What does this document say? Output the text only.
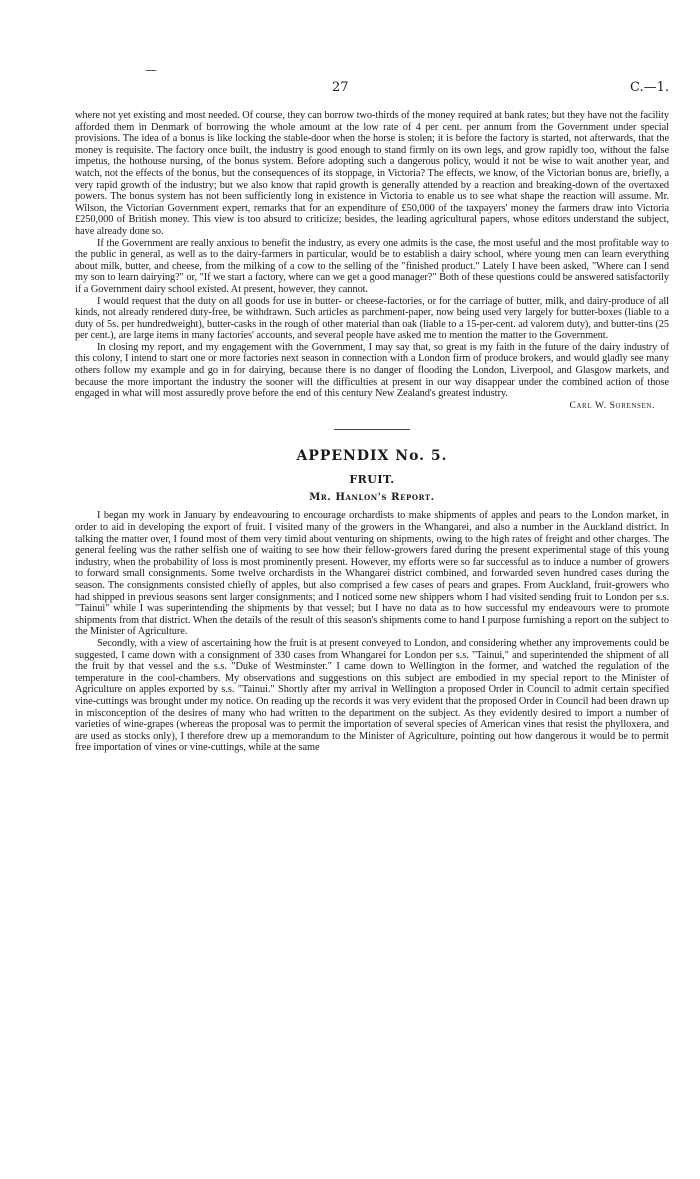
—
27	C.—1.

where not yet existing and most needed. Of course, they can borrow two-thirds of the money required at bank rates; but they have not the facility afforded them in Denmark of borrowing the whole amount at the low rate of 4 per cent. per annum from the Government under special provisions. The idea of a bonus is like locking the stable-door when the horse is stolen; it is before the factory is started, not afterwards, that the money is requisite. The factory once built, the industry is good enough to stand firmly on its own legs, and grow rapidly too, without the false impetus, the hothouse nursing, of the bonus system. Before adopting such a dangerous policy, would it not be wise to wait another year, and watch, not the effects of the bonus, but the consequences of its stoppage, in Victoria? The effects, we know, of the Victorian bonus are, briefly, a very rapid growth of the industry; but we also know that rapid growth is generally attended by a reaction and breaking-down of the overtaxed powers. The bonus system has not been sufficiently long in existence in Victoria to enable us to see what shape the reaction will assume. Mr. Wilson, the Victorian Government expert, remarks that for an expenditure of £50,000 of the taxpayers' money the farmers draw into Victoria £250,000 of British money. This view is too absurd to criticize; besides, the leading agricultural papers, whose editors understand the subject, have already done so.

If the Government are really anxious to benefit the industry, as every one admits is the case, the most useful and the most profitable way to the public in general, as well as to the dairy-farmers in particular, would be to establish a dairy school, where young men can learn everything about milk, butter, and cheese, from the milking of a cow to the selling of the "finished product." Lately I have been asked, "Where can I send my son to learn dairying?" or, "If we start a factory, where can we get a good manager?" Both of these questions could be answered satisfactorily if a Government dairy school existed. At present, however, they cannot.

I would request that the duty on all goods for use in butter- or cheese-factories, or for the carriage of butter, milk, and dairy-produce of all kinds, not already rendered duty-free, be withdrawn. Such articles as parchment-paper, now being used very largely for butter-boxes (liable to a duty of 5s. per hundredweight), butter-casks in the rough of other material than oak (liable to a 15-per-cent. ad valorem duty), and butter-tins (25 per cent.), are large items in many factories' accounts, and several people have asked me to mention the matter to the Government.

In closing my report, and my engagement with the Government, I may say that, so great is my faith in the future of the dairy industry of this colony, I intend to start one or more factories next season in connection with a London firm of produce brokers, and would gladly see many others follow my example and go in for dairying, because there is no danger of flooding the London, Liverpool, and Glasgow markets, and because the more important the industry the sooner will the difficulties at present in our way disappear under the combined action of those engaged in what will most assuredly prove before the end of this century New Zealand's greatest industry.

Carl W. Sorensen.
APPENDIX No. 5.
FRUIT.
Mr. Hanlon's Report.

I began my work in January by endeavouring to encourage orchardists to make shipments of apples and pears to the London market, in order to aid in developing the export of fruit. I visited many of the growers in the Whangarei, and also a number in the Auckland district. In talking the matter over, I found most of them very timid about venturing on shipments, owing to the high rates of freight and other charges. The general feeling was the rather selfish one of waiting to see how their fellow-growers fared during the present experimental stage of this young industry, when the probability of loss is most prominently present. However, my efforts were so far successful as to induce a number of growers to forward small consignments. Some twelve orchardists in the Whangarei district combined, and forwarded seven hundred cases during the season. The consignments consisted chiefly of apples, but also comprised a few cases of pears and grapes. From Auckland, fruit-growers who had shipped in previous seasons sent larger consignments; and I noticed some new shippers whom I had visited sending fruit to London per s.s. "Tainui" while I was superintending the shipments by that vessel; but I have no data as to how successful my endeavours were to promote shipments from that district. When the details of the result of this season's shipments come to hand I purpose furnishing a report on the subject to the Minister of Agriculture.

Secondly, with a view of ascertaining how the fruit is at present conveyed to London, and considering whether any improvements could be suggested, I came down with a consignment of 330 cases from Whangarei for London per s.s. "Tainui," and superintended the shipment of all the fruit by that vessel and the s.s. "Duke of Westminster." I came down to Wellington in the former, and watched the regulation of the temperature in the cool-chambers. My observations and suggestions on this subject are embodied in my special report to the Minister of Agriculture on apples exported by s.s. "Tainui." Shortly after my arrival in Wellington a proposed Order in Council to admit certain specified vine-cuttings was brought under my notice. On reading up the records it was very evident that the proposed Order in Council had been drawn up in misconception of the desires of many who had written to the department on the subject. As they evidently desired to import a number of varieties of wine-grapes (whereas the proposal was to permit the importation of several species of American vines that resist the phylloxera, and are used as stocks only), I therefore drew up a memorandum to the Minister of Agriculture, pointing out how dangerous it would be to permit free importation of vines or vine-cuttings, while at the same
